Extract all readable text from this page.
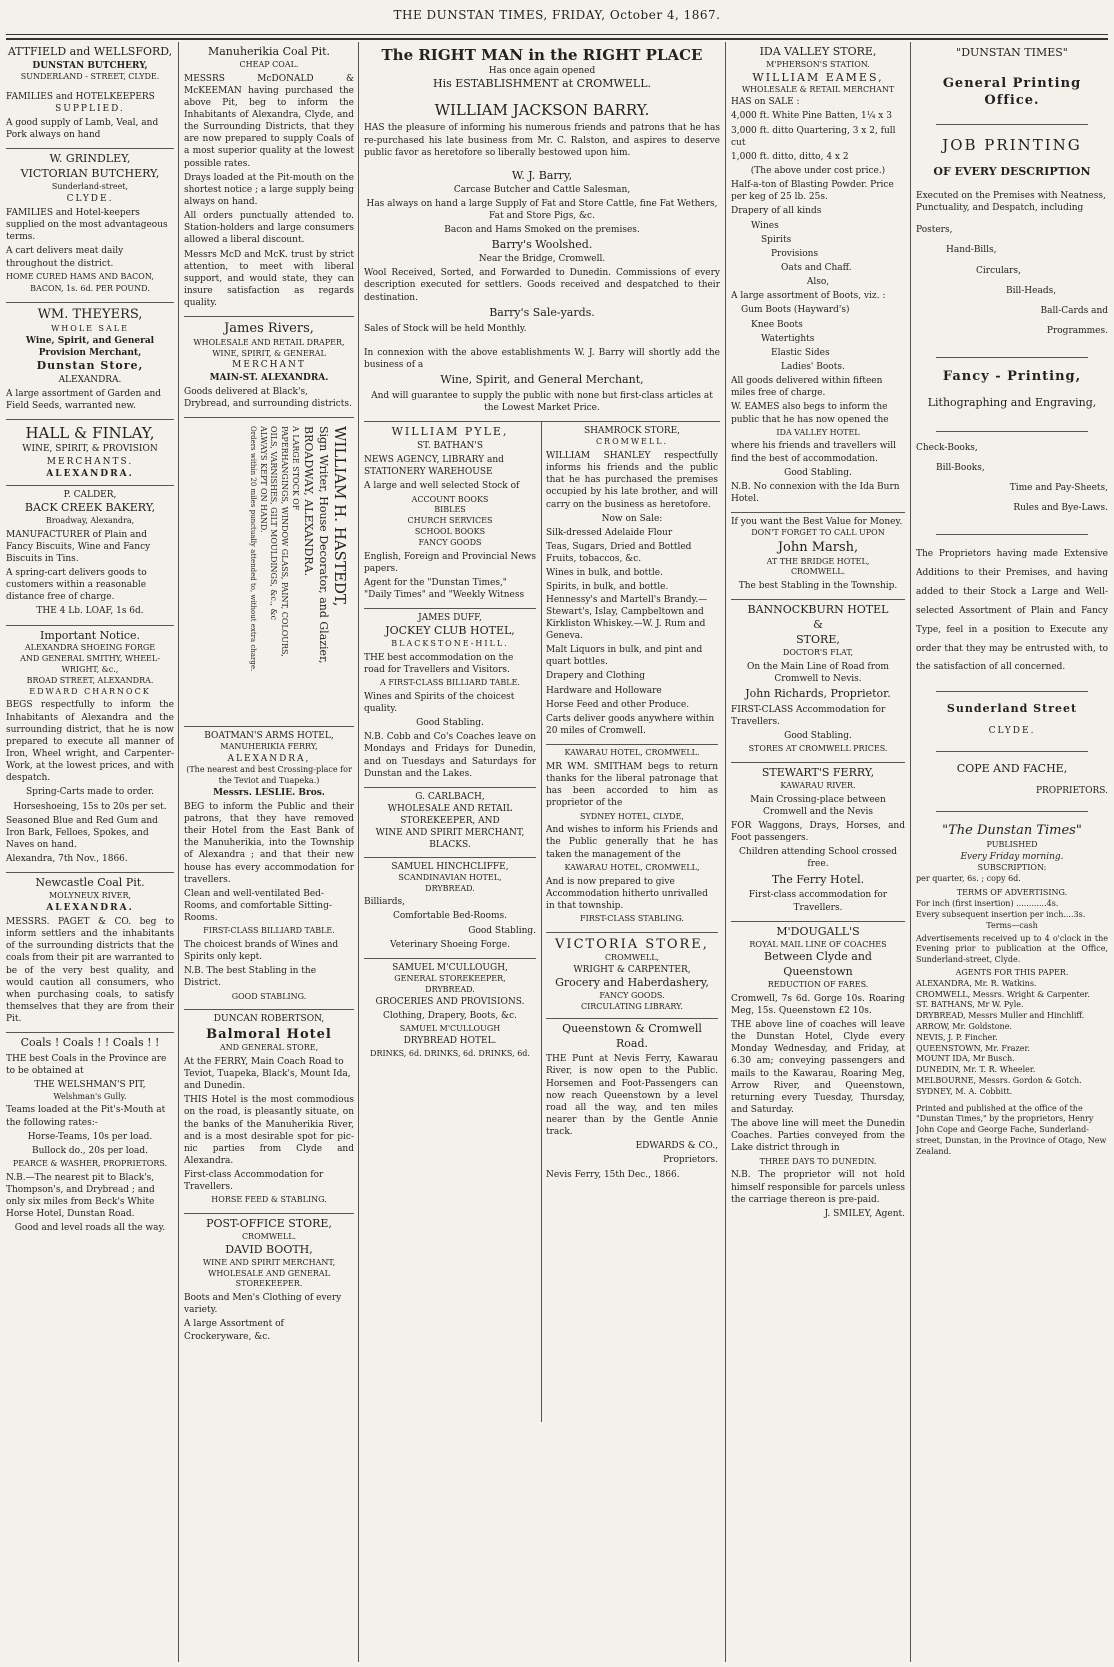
THE DUNSTAN TIMES, FRIDAY, October 4, 1867.
ATTFIELD and WELLSFORD,
DUNSTAN BUTCHERY,
SUNDERLAND - STREET, CLYDE.
FAMILIES and HOTELKEEPERS
SUPPLIED.

A good supply of Lamb, Veal, and Pork always on hand

W. GRINDLEY,
VICTORIAN BUTCHERY,
Sunderland-street,
CLYDE.

FAMILIES and Hotel-keepers supplied on the most advantageous terms.

A cart delivers meat daily throughout the district.

HOME CURED HAMS AND BACON,

BACON, 1s. 6d. PER POUND.

WM. THEYERS,
WHOLE SALE
Wine, Spirit, and General
Provision Merchant,
Dunstan Store,
ALEXANDRA.

A large assortment of Garden and Field Seeds, warranted new.

HALL & FINLAY,
WINE, SPIRIT, & PROVISION
MERCHANTS.
ALEXANDRA.
P. CALDER,
BACK CREEK BAKERY,
Broadway, Alexandra,

MANUFACTURER of Plain and Fancy Biscuits, Wine and Fancy Biscuits in Tins.

A spring-cart delivers goods to customers within a reasonable distance free of charge.

THE 4 Lb. LOAF, 1s 6d.

Important Notice.
ALEXANDRA SHOEING FORGE
AND GENERAL SMITHY, WHEEL-WRIGHT, &c.,
BROAD STREET, ALEXANDRA.
EDWARD CHARNOCK

BEGS respectfully to inform the Inhabitants of Alexandra and the surrounding district, that he is now prepared to execute all manner of Iron, Wheel wright, and Carpenter-Work, at the lowest prices, and with despatch.

Spring-Carts made to order.

Horseshoeing, 15s to 20s per set.

Seasoned Blue and Red Gum and Iron Bark, Felloes, Spokes, and Naves on hand.

Alexandra, 7th Nov., 1866.

Newcastle Coal Pit.
MOLYNEUX RIVER,
ALEXANDRA.

MESSRS. PAGET & CO. beg to inform settlers and the inhabitants of the surrounding districts that the coals from their pit are warranted to be of the very best quality, and would caution all consumers, who when purchasing coals, to satisfy themselves that they are from their Pit.

Coals ! Coals ! ! Coals ! !

THE best Coals in the Province are to be obtained at

THE WELSHMAN'S PIT,
Welshman's Gully.

Teams loaded at the Pit's-Mouth at the following rates:-

Horse-Teams, 10s per load.

Bullock do., 20s per load.

PEARCE & WASHER, PROPRIETORS.

N.B.—The nearest pit to Black's, Thompson's, and Drybread ; and only six miles from Beck's White Horse Hotel, Dunstan Road.

Good and level roads all the way.

Manuherikia Coal Pit.
CHEAP COAL.

MESSRS McDONALD & McKEEMAN having purchased the above Pit, beg to inform the Inhabitants of Alexandra, Clyde, and the Surrounding Districts, that they are now prepared to supply Coals of a most superior quality at the lowest possible rates.

Drays loaded at the Pit-mouth on the shortest notice ; a large supply being always on hand.

All orders punctually attended to. Station-holders and large consumers allowed a liberal discount.

Messrs McD and McK. trust by strict attention, to meet with liberal support, and would state, they can insure satisfaction as regards quality.

James Rivers,
WHOLESALE AND RETAIL DRAPER,
WINE, SPIRIT, & GENERAL
MERCHANT
MAIN-ST. ALEXANDRA.

Goods delivered at Black's, Drybread, and surrounding districts.

WILLIAM H. HASTEDT,
Sign Writer, House Decorator, and Glazier,
BROADWAY, ALEXANDRA.
A LARGE STOCK OF
PAPERHANGINGS, WINDOW GLASS, PAINT, COLOURS,
OILS, VARNISHES, GILT MOULDINGS, &c., &c
ALWAYS KEPT ON HAND.
Orders within 20 miles punctually attended to, without extra charge.
BOATMAN'S ARMS HOTEL,
MANUHERIKIA FERRY,
ALEXANDRA,
(The nearest and best Crossing-place for the Teviot and Tuapeka.)
Messrs. LESLIE. Bros.

BEG to inform the Public and their patrons, that they have removed their Hotel from the East Bank of the Manuherikia, into the Township of Alexandra ; and that their new house has every accommodation for travellers.

Clean and well-ventilated Bed-Rooms, and comfortable Sitting-Rooms.

FIRST-CLASS BILLIARD TABLE.

The choicest brands of Wines and Spirits only kept.

N.B. The best Stabling in the District.

GOOD STABLING.

DUNCAN ROBERTSON,
Balmoral Hotel
AND GENERAL STORE,

At the FERRY, Main Coach Road to Teviot, Tuapeka, Black's, Mount Ida, and Dunedin.

THIS Hotel is the most commodious on the road, is pleasantly situate, on the banks of the Manuherikia River, and is a most desirable spot for pic-nic parties from Clyde and Alexandra.

First-class Accommodation for Travellers.

HORSE FEED & STABLING.

POST-OFFICE STORE,
CROMWELL.
DAVID BOOTH,
WINE AND SPIRIT MERCHANT,
WHOLESALE AND GENERAL
STOREKEEPER.

Boots and Men's Clothing of every variety.

A large Assortment of Crockeryware, &c.

The RIGHT MAN in the RIGHT PLACE
Has once again opened
His ESTABLISHMENT at CROMWELL.
WILLIAM JACKSON BARRY.

HAS the pleasure of informing his numerous friends and patrons that he has re-purchased his late business from Mr. C. Ralston, and aspires to deserve public favor as heretofore so liberally bestowed upon him.

W. J. Barry,
Carcase Butcher and Cattle Salesman,

Has always on hand a large Supply of Fat and Store Cattle, fine Fat Wethers, Fat and Store Pigs, &c.

Bacon and Hams Smoked on the premises.

Barry's Woolshed.
Near the Bridge, Cromwell.

Wool Received, Sorted, and Forwarded to Dunedin. Commissions of every description executed for settlers. Goods received and despatched to their destination.

Barry's Sale-yards.

Sales of Stock will be held Monthly.

In connexion with the above establishments W. J. Barry will shortly add the business of a

Wine, Spirit, and General Merchant,

And will guarantee to supply the public with none but first-class articles at the Lowest Market Price.

WILLIAM PYLE,
ST. BATHAN'S

NEWS AGENCY, LIBRARY and STATIONERY WAREHOUSE

A large and well selected Stock of

ACCOUNT BOOKS
BIBLES
CHURCH SERVICES
SCHOOL BOOKS
FANCY GOODS

English, Foreign and Provincial News papers.

Agent for the "Dunstan Times," "Daily Times" and "Weekly Witness

JAMES DUFF,
JOCKEY CLUB HOTEL,
BLACKSTONE-HILL.

THE best accommodation on the road for Travellers and Visitors.

A FIRST-CLASS BILLIARD TABLE.

Wines and Spirits of the choicest quality.

Good Stabling.

N.B. Cobb and Co's Coaches leave on Mondays and Fridays for Dunedin, and on Tuesdays and Saturdays for Dunstan and the Lakes.

G. CARLBACH,
WHOLESALE AND RETAIL
STOREKEEPER, AND
WINE AND SPIRIT MERCHANT,
BLACKS.
SAMUEL HINCHCLIFFE,
SCANDINAVIAN HOTEL,
DRYBREAD.

Billiards,

Comfortable Bed-Rooms.

Good Stabling.

Veterinary Shoeing Forge.

SAMUEL M'CULLOUGH,
GENERAL STOREKEEPER,
DRYBREAD.
GROCERIES AND PROVISIONS.

Clothing, Drapery, Boots, &c.

SAMUEL M'CULLOUGH
DRYBREAD HOTEL.

DRINKS, 6d. DRINKS, 6d. DRINKS, 6d.

SHAMROCK STORE,
CROMWELL.

WILLIAM SHANLEY respectfully informs his friends and the public that he has purchased the premises occupied by his late brother, and will carry on the business as heretofore.

Now on Sale:

Silk-dressed Adelaide Flour

Teas, Sugars, Dried and Bottled Fruits, tobaccos, &c.

Wines in bulk, and bottle.

Spirits, in bulk, and bottle. Hennessy's and Martell's Brandy.—Stewart's, Islay, Campbeltown and Kirkliston Whiskey.—W. J. Rum and Geneva.

Malt Liquors in bulk, and pint and quart bottles.

Drapery and Clothing

Hardware and Holloware

Horse Feed and other Produce.

Carts deliver goods anywhere within 20 miles of Cromwell.

KAWARAU HOTEL, CROMWELL.

MR WM. SMITHAM begs to return thanks for the liberal patronage that has been accorded to him as proprietor of the

SYDNEY HOTEL, CLYDE,

And wishes to inform his Friends and the Public generally that he has taken the management of the

KAWARAU HOTEL, CROMWELL,

And is now prepared to give Accommodation hitherto unrivalled in that township.

FIRST-CLASS STABLING.

VICTORIA STORE,
CROMWELL,
WRIGHT & CARPENTER,
Grocery and Haberdashery,
FANCY GOODS.
CIRCULATING LIBRARY.
Queenstown & Cromwell Road.

THE Punt at Nevis Ferry, Kawarau River, is now open to the Public. Horsemen and Foot-Passengers can now reach Queenstown by a level road all the way, and ten miles nearer than by the Gentle Annie track.

EDWARDS & CO.,

Proprietors.

Nevis Ferry, 15th Dec., 1866.

IDA VALLEY STORE,
M'PHERSON'S STATION.
WILLIAM EAMES,
WHOLESALE & RETAIL MERCHANT
HAS on SALE :

4,000 ft. White Pine Batten, 1¼ x 3

3,000 ft. ditto Quartering, 3 x 2, full cut

1,000 ft. ditto, ditto, 4 x 2

(The above under cost price.)

Half-a-ton of Blasting Powder. Price per keg of 25 lb. 25s.

Drapery of all kinds

Wines

Spirits

Provisions

Oats and Chaff.

Also,

A large assortment of Boots, viz. :

Gum Boots (Hayward's)

Knee Boots

Watertights

Elastic Sides

Ladies' Boots.

All goods delivered within fifteen miles free of charge.

W. EAMES also begs to inform the public that he has now opened the

IDA VALLEY HOTEL

where his friends and travellers will find the best of accommodation.

Good Stabling.

N.B. No connexion with the Ida Burn Hotel.

If you want the Best Value for Money.
DON'T FORGET TO CALL UPON
John Marsh,
AT THE BRIDGE HOTEL,
CROMWELL.

The best Stabling in the Township.

BANNOCKBURN HOTEL
&
STORE,
DOCTOR'S FLAT,

On the Main Line of Road from Cromwell to Nevis.

John Richards, Proprietor.

FIRST-CLASS Accommodation for Travellers.

Good Stabling.

STORES AT CROMWELL PRICES.

STEWART'S FERRY,
KAWARAU RIVER.

Main Crossing-place between Cromwell and the Nevis

FOR Waggons, Drays, Horses, and Foot passengers.

Children attending School crossed free.

The Ferry Hotel.

First-class accommodation for Travellers.

M'DOUGALL'S
ROYAL MAIL LINE OF COACHES
Between Clyde and Queenstown
REDUCTION OF FARES.

Cromwell, 7s 6d. Gorge 10s. Roaring Meg, 15s. Queenstown £2 10s.

THE above line of coaches will leave the Dunstan Hotel, Clyde every Monday Wednesday, and Friday, at 6.30 am; conveying passengers and mails to the Kawarau, Roaring Meg, Arrow River, and Queenstown, returning every Tuesday, Thursday, and Saturday.

The above line will meet the Dunedin Coaches. Parties conveyed from the Lake district through in

THREE DAYS TO DUNEDIN.

N.B. The proprietor will not hold himself responsible for parcels unless the carriage thereon is pre-paid.

J. SMILEY, Agent.

"DUNSTAN TIMES"
General Printing Office.
JOB PRINTING
OF EVERY DESCRIPTION

Executed on the Premises with Neatness, Punctuality, and Despatch, including

Posters,
Hand-Bills,
Circulars,
Bill-Heads,
Ball-Cards and
Programmes.
Fancy - Printing,
Lithographing and Engraving,
Check-Books,
Bill-Books,
Time and Pay-Sheets,
Rules and Bye-Laws.

The Proprietors having made Extensive Additions to their Premises, and having added to their Stock a Large and Well-selected Assortment of Plain and Fancy Type, feel in a position to Execute any order that they may be entrusted with, to the satisfaction of all concerned.

Sunderland Street
CLYDE.
COPE AND FACHE,
PROPRIETORS.
"The Dunstan Times"
PUBLISHED
Every Friday morning.
SUBSCRIPTION:
per quarter, 6s. ; copy 6d.
TERMS OF ADVERTISING.
For inch (first insertion) ............4s.
Every subsequent insertion per inch....3s.
Terms—cash

Advertisements received up to 4 o'clock in the Evening prior to publication at the Office, Sunderland-street, Clyde.

AGENTS FOR THIS PAPER.
ALEXANDRA, Mr. R. Watkins.
CROMWELL, Messrs. Wright & Carpenter.
ST. BATHANS, Mr W. Pyle.
DRYBREAD, Messrs Muller and Hinchliff.
ARROW, Mr. Goldstone.
NEVIS, J. P. Fincher.
QUEENSTOWN, Mr. Frazer.
MOUNT IDA, Mr Busch.
DUNEDIN, Mr. T. R. Wheeler.
MELBOURNE, Messrs. Gordon & Gotch.
SYDNEY, M. A. Cobbitt.

Printed and published at the office of the "Dunstan Times," by the proprietors, Henry John Cope and George Fache, Sunderland-street, Dunstan, in the Province of Otago, New Zealand.
